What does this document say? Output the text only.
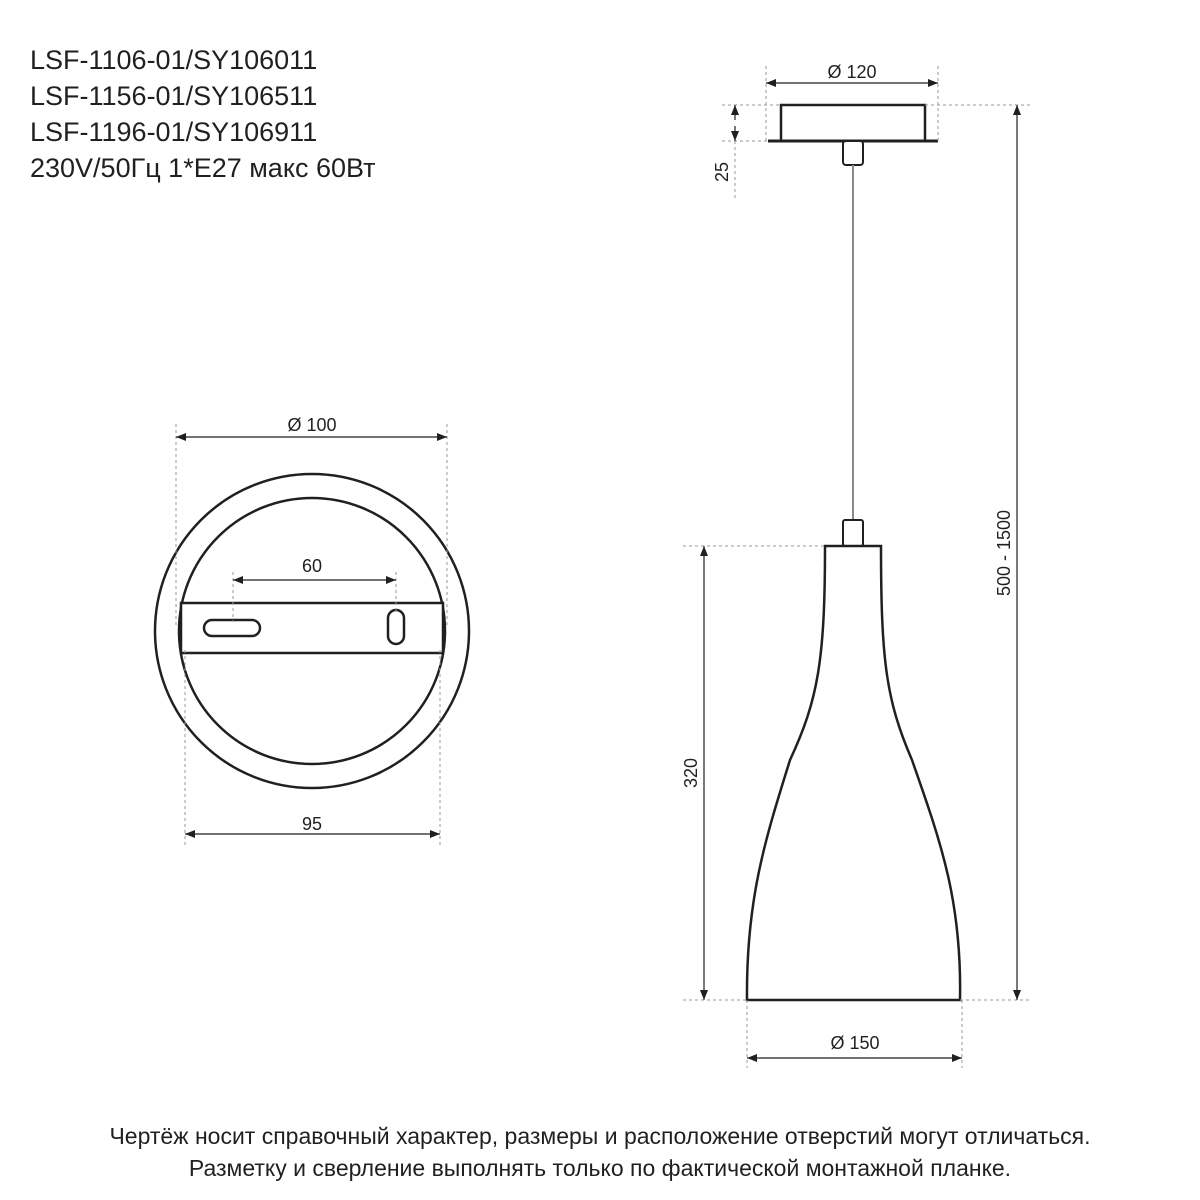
LSF-1106-01/SY106011
LSF-1156-01/SY106511
LSF-1196-01/SY106911
230V/50Гц 1*E27 макс 60Вт
Ø 100
60
95
Ø 120
25
500 - 1500
320
Ø 150
Чертёж носит справочный характер, размеры и расположение отверстий могут отличаться.
Разметку и сверление выполнять только по фактической монтажной планке.
